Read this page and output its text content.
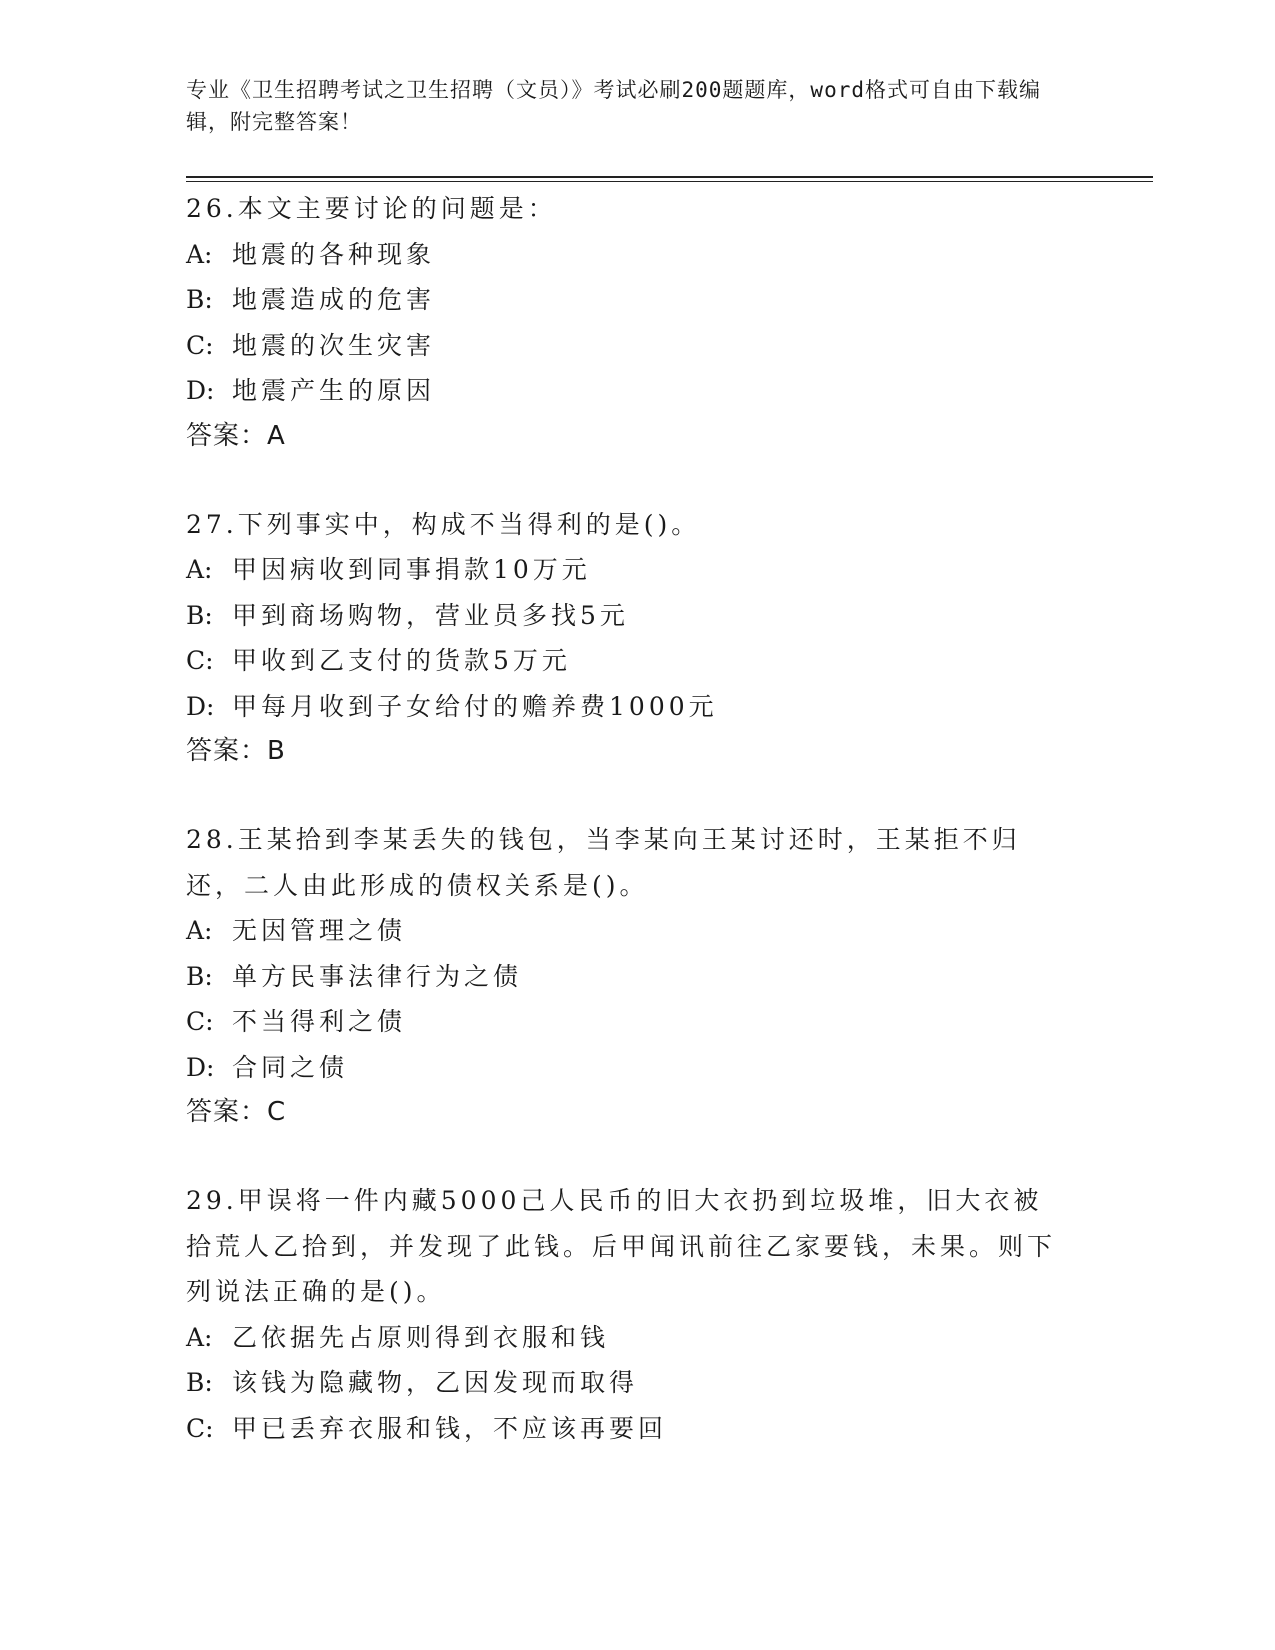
专业《卫生招聘考试之卫生招聘（文员）》考试必刷200题题库，word格式可自由下载编辑，附完整答案！
26.本文主要讨论的问题是：
A: 地震的各种现象
B: 地震造成的危害
C: 地震的次生灾害
D: 地震产生的原因
答案：A
27.下列事实中，构成不当得利的是()。
A: 甲因病收到同事捐款10万元
B: 甲到商场购物，营业员多找5元
C: 甲收到乙支付的货款5万元
D: 甲每月收到子女给付的赡养费1000元
答案：B
28.王某拾到李某丢失的钱包，当李某向王某讨还时，王某拒不归还，二人由此形成的债权关系是()。
A: 无因管理之债
B: 单方民事法律行为之债
C: 不当得利之债
D: 合同之债
答案：C
29.甲误将一件内藏5000己人民币的旧大衣扔到垃圾堆，旧大衣被拾荒人乙拾到，并发现了此钱。后甲闻讯前往乙家要钱，未果。则下列说法正确的是()。
A: 乙依据先占原则得到衣服和钱
B: 该钱为隐藏物，乙因发现而取得
C: 甲已丢弃衣服和钱，不应该再要回
